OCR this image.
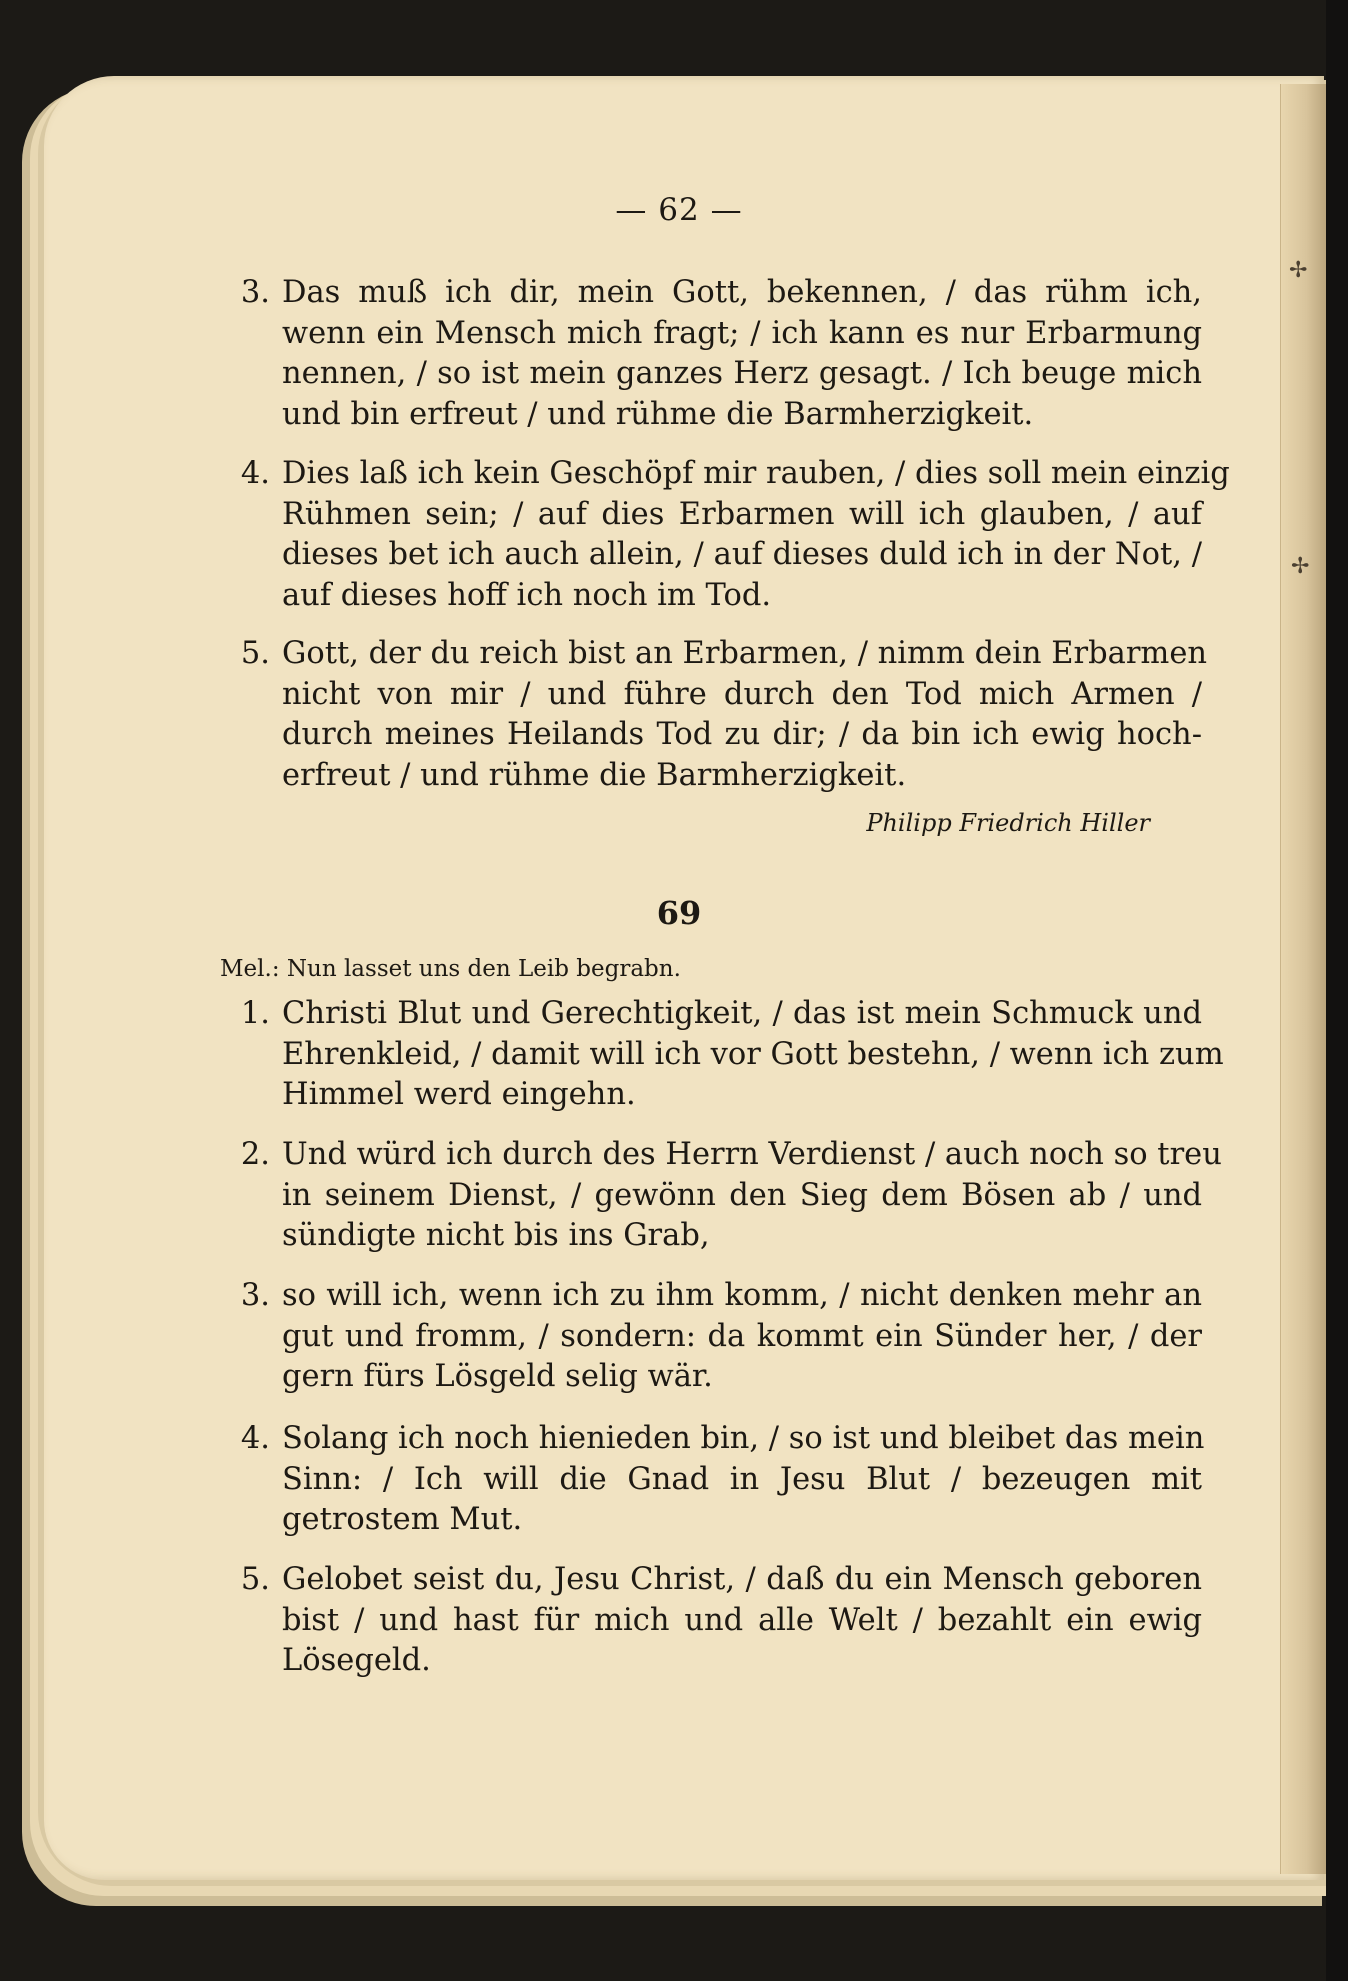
— 62 —
3. Das muß ich dir, mein Gott, bekennen, / das rühm ich,
wenn ein Mensch mich fragt; / ich kann es nur Erbarmung
nennen, / so ist mein ganzes Herz gesagt. / Ich beuge mich
und bin erfreut / und rühme die Barmherzigkeit.
4. Dies laß ich kein Geschöpf mir rauben, / dies soll mein einzig
Rühmen sein; / auf dies Erbarmen will ich glauben, / auf
dieses bet ich auch allein, / auf dieses duld ich in der Not, /
auf dieses hoff ich noch im Tod.
5. Gott, der du reich bist an Erbarmen, / nimm dein Erbarmen
nicht von mir / und führe durch den Tod mich Armen /
durch meines Heilands Tod zu dir; / da bin ich ewig hoch-
erfreut / und rühme die Barmherzigkeit.
Philipp Friedrich Hiller
69
Mel.: Nun lasset uns den Leib begrabn.
1. Christi Blut und Gerechtigkeit, / das ist mein Schmuck und
Ehrenkleid, / damit will ich vor Gott bestehn, / wenn ich zum
Himmel werd eingehn.
2. Und würd ich durch des Herrn Verdienst / auch noch so treu
in seinem Dienst, / gewönn den Sieg dem Bösen ab / und
sündigte nicht bis ins Grab,
3. so will ich, wenn ich zu ihm komm, / nicht denken mehr an
gut und fromm, / sondern: da kommt ein Sünder her, / der
gern fürs Lösgeld selig wär.
4. Solang ich noch hienieden bin, / so ist und bleibet das mein
Sinn: / Ich will die Gnad in Jesu Blut / bezeugen mit
getrostem Mut.
5. Gelobet seist du, Jesu Christ, / daß du ein Mensch geboren
bist / und hast für mich und alle Welt / bezahlt ein ewig
Lösegeld.
✢
✢
